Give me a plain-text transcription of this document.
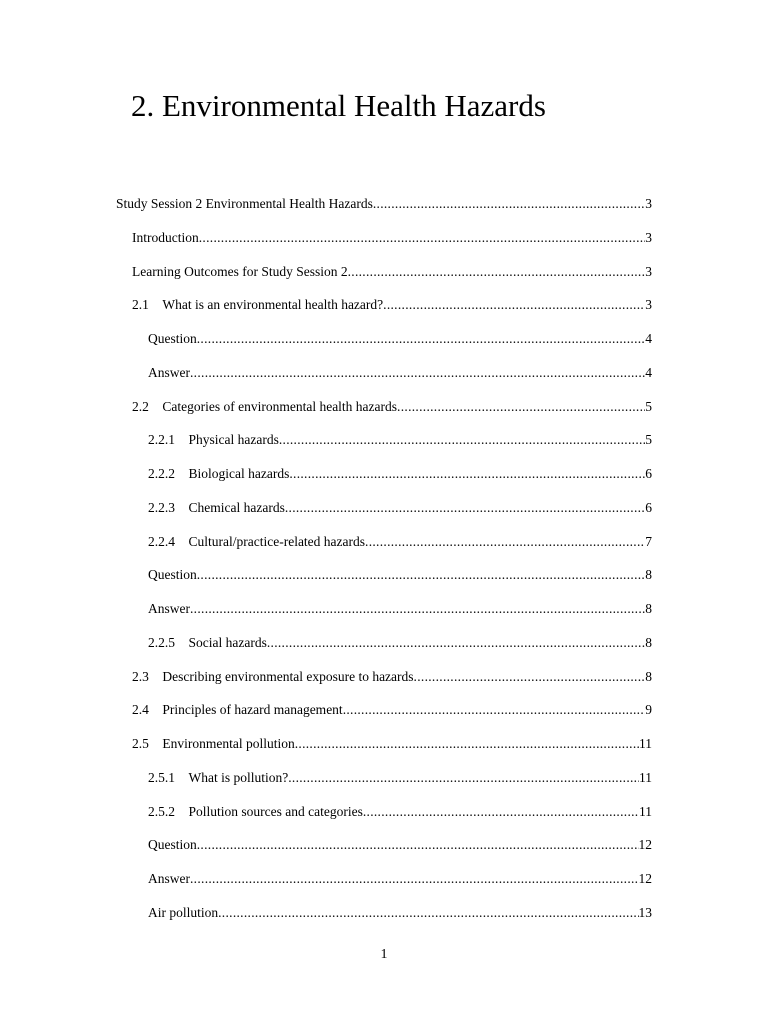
2. Environmental Health Hazards
Study Session 2 Environmental Health Hazards .....	3
Introduction .....	3
Learning Outcomes for Study Session 2 .....	3
2.1 What is an environmental health hazard? .....	3
Question .....	4
Answer .....	4
2.2 Categories of environmental health hazards .....	5
2.2.1 Physical hazards .....	5
2.2.2 Biological hazards .....	6
2.2.3 Chemical hazards .....	6
2.2.4 Cultural/practice-related hazards .....	7
Question .....	8
Answer .....	8
2.2.5 Social hazards .....	8
2.3 Describing environmental exposure to hazards .....	8
2.4 Principles of hazard management .....	9
2.5 Environmental pollution .....	11
2.5.1 What is pollution? .....	11
2.5.2 Pollution sources and categories .....	11
Question .....	12
Answer .....	12
Air pollution .....	13
1
